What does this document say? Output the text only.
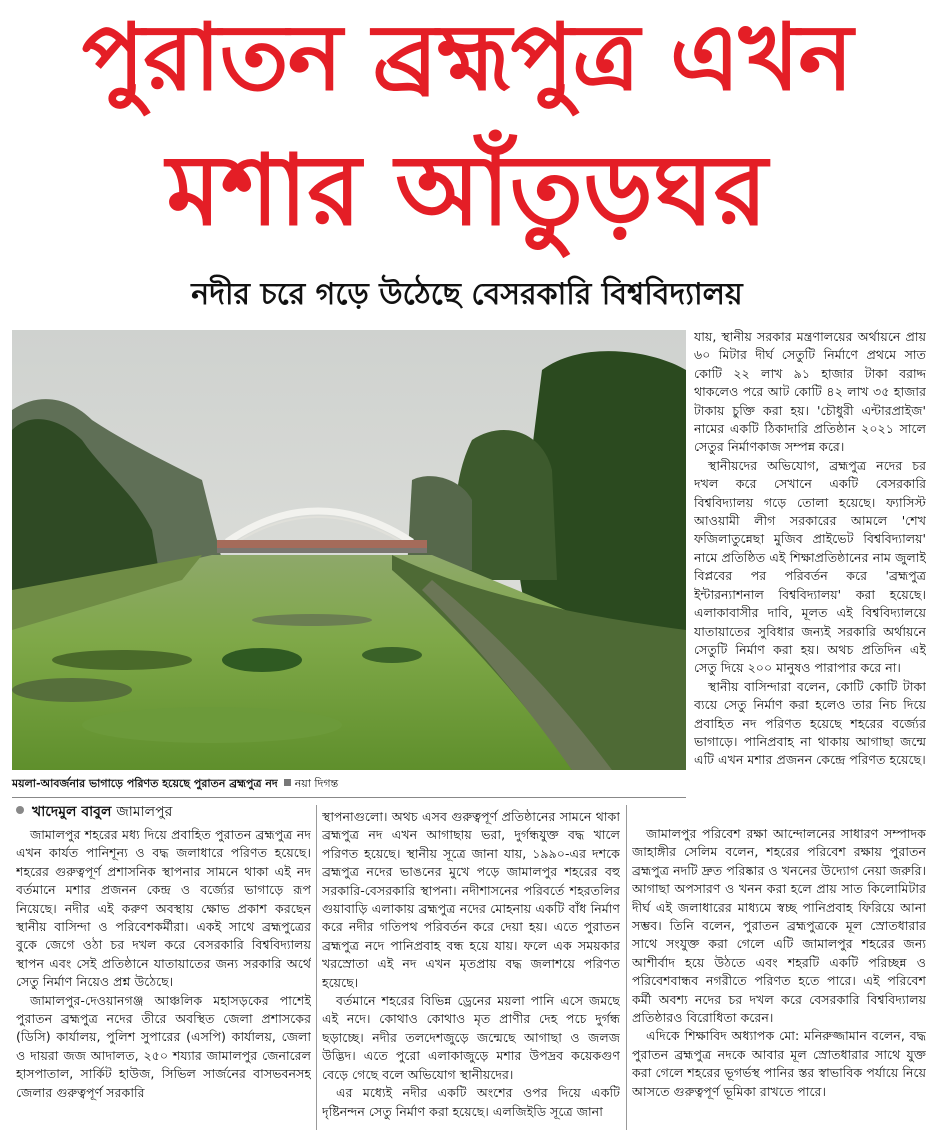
পুরাতন ব্রহ্মপুত্র এখন
মশার আঁতুড়ঘর
নদীর চরে গড়ে উঠেছে বেসরকারি বিশ্ববিদ্যালয়
ময়লা-আবর্জনার ভাগাড়ে পরিণত হয়েছে পুরাতন ব্রহ্মপুত্র নদ নয়া দিগন্ত
খাদেমুল বাবুল জামালপুর

জামালপুর শহরের মধ্য দিয়ে প্রবাহিত পুরাতন ব্রহ্মপুত্র নদ এখন কার্যত পানিশূন্য ও বদ্ধ জলাধারে পরিণত হয়েছে। শহরের গুরুত্বপূর্ণ প্রশাসনিক স্থাপনার সামনে থাকা এই নদ বর্তমানে মশার প্রজনন কেন্দ্র ও বর্জ্যের ভাগাড়ে রূপ নিয়েছে। নদীর এই করুণ অবস্থায় ক্ষোভ প্রকাশ করছেন স্থানীয় বাসিন্দা ও পরিবেশকর্মীরা। একই সাথে ব্রহ্মপুত্রের বুকে জেগে ওঠা চর দখল করে বেসরকারি বিশ্ববিদ্যালয় স্থাপন এবং সেই প্রতিষ্ঠানে যাতায়াতের জন্য সরকারি অর্থে সেতু নির্মাণ নিয়েও প্রশ্ন উঠেছে।

জামালপুর-দেওয়ানগঞ্জ আঞ্চলিক মহাসড়কের পাশেই পুরাতন ব্রহ্মপুত্র নদের তীরে অবস্থিত জেলা প্রশাসকের (ডিসি) কার্যালয়, পুলিশ সুপারের (এসপি) কার্যালয়, জেলা ও দায়রা জজ আদালত, ২৫০ শয্যার জামালপুর জেনারেল হাসপাতাল, সার্কিট হাউজ, সিভিল সার্জনের বাসভবনসহ জেলার গুরুত্বপূর্ণ সরকারি

স্থাপনাগুলো। অথচ এসব গুরুত্বপূর্ণ প্রতিষ্ঠানের সামনে থাকা ব্রহ্মপুত্র নদ এখন আগাছায় ভরা, দুর্গন্ধযুক্ত বদ্ধ খালে পরিণত হয়েছে। স্থানীয় সূত্রে জানা যায়, ১৯৯০-এর দশকে ব্রহ্মপুত্র নদের ভাঙনের মুখে পড়ে জামালপুর শহরের বহু সরকারি-বেসরকারি স্থাপনা। নদীশাসনের পরিবর্তে শহরতলির গুয়াবাড়ি এলাকায় ব্রহ্মপুত্র নদের মোহনায় একটি বাঁধ নির্মাণ করে নদীর গতিপথ পরিবর্তন করে দেয়া হয়। এতে পুরাতন ব্রহ্মপুত্র নদে পানিপ্রবাহ বন্ধ হয়ে যায়। ফলে এক সময়কার খরস্রোতা এই নদ এখন মৃতপ্রায় বদ্ধ জলাশয়ে পরিণত হয়েছে।

বর্তমানে শহরের বিভিন্ন ড্রেনের ময়লা পানি এসে জমছে এই নদে। কোথাও কোথাও মৃত প্রাণীর দেহ পচে দুর্গন্ধ ছড়াচ্ছে। নদীর তলদেশজুড়ে জন্মেছে আগাছা ও জলজ উদ্ভিদ। এতে পুরো এলাকাজুড়ে মশার উপদ্রব কয়েকগুণ বেড়ে গেছে বলে অভিযোগ স্থানীয়দের।

এর মধ্যেই নদীর একটি অংশের ওপর দিয়ে একটি দৃষ্টিনন্দন সেতু নির্মাণ করা হয়েছে। এলজিইডি সূত্রে জানা

যায়, স্থানীয় সরকার মন্ত্রণালয়ের অর্থায়নে প্রায় ৬০ মিটার দীর্ঘ সেতুটি নির্মাণে প্রথমে সাত কোটি ২২ লাখ ৯১ হাজার টাকা বরাদ্দ থাকলেও পরে আট কোটি ৪২ লাখ ৩৫ হাজার টাকায় চুক্তি করা হয়। 'চৌধুরী এন্টারপ্রাইজ' নামের একটি ঠিকাদারি প্রতিষ্ঠান ২০২১ সালে সেতুর নির্মাণকাজ সম্পন্ন করে।

স্থানীয়দের অভিযোগ, ব্রহ্মপুত্র নদের চর দখল করে সেখানে একটি বেসরকারি বিশ্ববিদ্যালয় গড়ে তোলা হয়েছে। ফ্যাসিস্ট আওয়ামী লীগ সরকারের আমলে 'শেখ ফজিলাতুন্নেছা মুজিব প্রাইভেট বিশ্ববিদ্যালয়' নামে প্রতিষ্ঠিত এই শিক্ষাপ্রতিষ্ঠানের নাম জুলাই বিপ্লবের পর পরিবর্তন করে 'ব্রহ্মপুত্র ইন্টারন্যাশনাল বিশ্ববিদ্যালয়' করা হয়েছে। এলাকাবাসীর দাবি, মূলত এই বিশ্ববিদ্যালয়ে যাতায়াতের সুবিধার জন্যই সরকারি অর্থায়নে সেতুটি নির্মাণ করা হয়। অথচ প্রতিদিন এই সেতু দিয়ে ২০০ মানুষও পারাপার করে না।

স্থানীয় বাসিন্দারা বলেন, কোটি কোটি টাকা ব্যয়ে সেতু নির্মাণ করা হলেও তার নিচ দিয়ে প্রবাহিত নদ পরিণত হয়েছে শহরের বর্জ্যের ভাগাড়ে। পানিপ্রবাহ না থাকায় আগাছা জন্মে এটি এখন মশার প্রজনন কেন্দ্রে পরিণত হয়েছে।

জামালপুর পরিবেশ রক্ষা আন্দোলনের সাধারণ সম্পাদক জাহাঙ্গীর সেলিম বলেন, শহরের পরিবেশ রক্ষায় পুরাতন ব্রহ্মপুত্র নদটি দ্রুত পরিষ্কার ও খননের উদ্যোগ নেয়া জরুরি। আগাছা অপসারণ ও খনন করা হলে প্রায় সাত কিলোমিটার দীর্ঘ এই জলাধারের মাধ্যমে স্বচ্ছ পানিপ্রবাহ ফিরিয়ে আনা সম্ভব। তিনি বলেন, পুরাতন ব্রহ্মপুত্রকে মূল স্রোতধারার সাথে সংযুক্ত করা গেলে এটি জামালপুর শহরের জন্য আশীর্বাদ হয়ে উঠতে এবং শহরটি একটি পরিচ্ছন্ন ও পরিবেশবান্ধব নগরীতে পরিণত হতে পারে। এই পরিবেশ কর্মী অবশ্য নদের চর দখল করে বেসরকারি বিশ্ববিদ্যালয় প্রতিষ্ঠারও বিরোধিতা করেন।

এদিকে শিক্ষাবিদ অধ্যাপক মো: মনিরুজ্জামান বলেন, বদ্ধ পুরাতন ব্রহ্মপুত্র নদকে আবার মূল স্রোতধারার সাথে যুক্ত করা গেলে শহরের ভূগর্ভস্থ পানির স্তর স্বাভাবিক পর্যায়ে নিয়ে আসতে গুরুত্বপূর্ণ ভূমিকা রাখতে পারে।
